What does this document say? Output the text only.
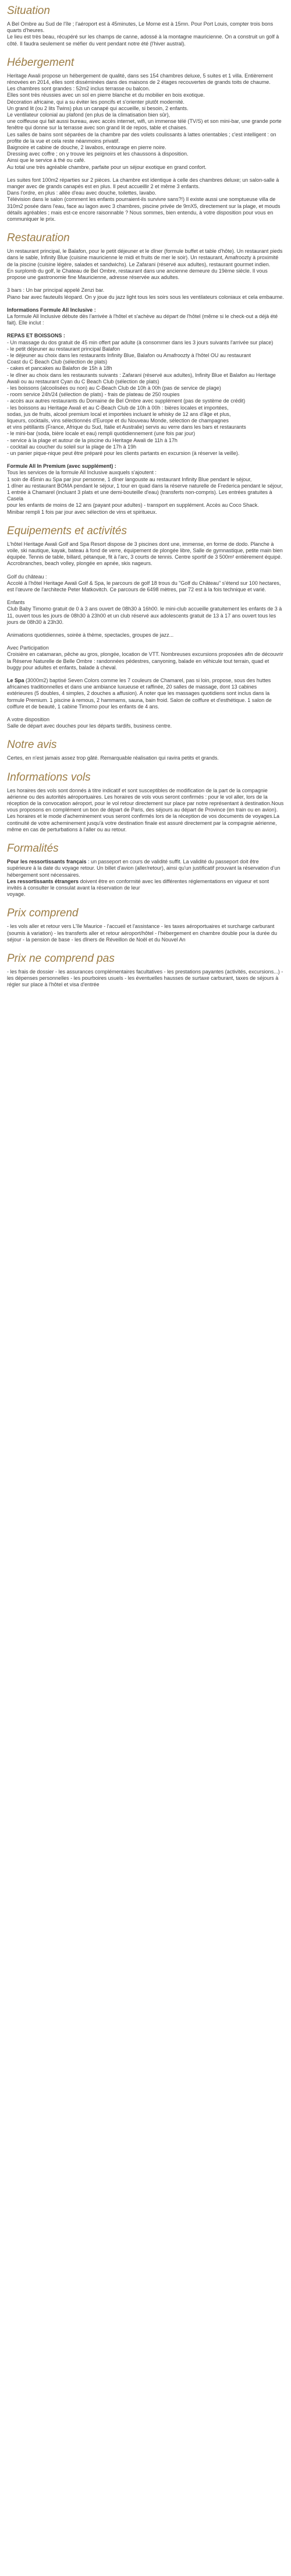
Situation

A Bel Ombre au Sud de l'île ; l'aéroport est à 45minutes, Le Morne est à 15mn. Pour Port Louis, compter trois bons quarts d'heures.

Le lieu est très beau, récupéré sur les champs de canne, adossé à la montagne mauricienne. On a construit un golf à côté. Il faudra seulement se méfier du vent pendant notre été (l'hiver austral).

Hébergement

Heritage Awali propose un hébergement de qualité, dans ses 154 chambres deluxe, 5 suites et 1 villa. Entièrement rénovées en 2014, elles sont disséminées dans des maisons de 2 étages recouvertes de grands toits de chaume.

Les chambres sont grandes : 52m2 inclus terrasse ou balcon.

Elles sont très réussies avec un sol en pierre blanche et du mobilier en bois exotique.

Décoration africaine, qui a su éviter les poncifs et s'orienter plutôt modernité.

Un grand lit (ou 2 lits Twins) plus un canapé qui accueille, si besoin, 2 enfants.

Le ventilateur colonial au plafond (en plus de la climatisation bien sûr),

une coiffeuse qui fait aussi bureau, avec accès internet, wifi, un immense télé (TV/S) et son mini-bar, une grande porte fenêtre qui donne sur la terrasse avec son grand lit de repos, table et chaises.

Les salles de bains sont séparées de la chambre par des volets coulissants à lattes orientables ; c'est intelligent : on profite de la vue et cela reste néanmoins privatif.

Baignoire et cabine de douche, 2 lavabos, entourage en pierre noire.

Dressing avec coffre ; on y trouve les peignoirs et les chaussons à disposition.

Ainsi que le service à thé ou café.

Au total une très agréable chambre, parfaite pour un séjour exotique en grand confort.

Les suites font 100m2 réparties sur 2 pièces. La chambre est identique à celle des chambres deluxe; un salon-salle à manger avec de grands canapés est en plus. Il peut accueillir 2 et même 3 enfants.

Dans l'ordre, en plus : allée d'eau avec douche, toilettes, lavabo.

Télévision dans le salon (comment les enfants pourraient-ils survivre sans?!) Il existe aussi une somptueuse villa de 310m2 posée dans l'eau, face au lagon avec 3 chambres, piscine privée de 9mX5, directement sur la plage, et mouds détails agréables ; mais est-ce encore raisonnable ? Nous sommes, bien entendu, à votre disposition pour vous en communiquer le prix.

Restauration

Un restaurant principal, le Balafon, pour le petit déjeuner et le dîner (formule buffet et table d'hôte). Un restaurant pieds dans le sable, Infinity Blue (cuisine mauricienne le midi et fruits de mer le soir). Un restaurant, Amafroozty à proximité de la piscine (cuisine légère, salades et sandwichs). Le Zafarani (réservé aux adultes), restaurant gourmet indien.

En surplomb du golf, le Chateau de Bel Ombre, restaurant dans une ancienne demeure du 19ème siècle. Il vous propose une gastronomie fine Mauricienne, adresse réservée aux adultes.

3 bars : Un bar principal appelé Zenzi bar.

Piano bar avec fauteuils léopard. On y joue du jazz light tous les soirs sous les ventilateurs coloniaux et cela embaume.

Informations Formule All Inclusive :

La formule All Inclusive débute dès l'arrivée à l'hôtel et s'achève au départ de l'hôtel (même si le check-out a déjà été fait). Elle inclut :

REPAS ET BOISSONS :

- Un massage du dos gratuit de 45 min offert par adulte (à consommer dans les 3 jours suivants l'arrivée sur place)

- le petit déjeuner au restaurant principal Balafon

- le déjeuner au choix dans les restaurants Infinity Blue, Balafon ou Amafroozty à l'hôtel OU au restaurant

Coast du C Beach Club (sélection de plats)

- cakes et pancakes au Balafon de 15h à 18h

- le dîner au choix dans les restaurants suivants : Zafarani (réservé aux adultes), Infinity Blue et Balafon au Heritage

Awali ou au restaurant Cyan du C Beach Club (sélection de plats)

- les boissons (alcoolisées ou non) au C-Beach Club de 10h à 00h (pas de service de plage)

- room service 24h/24 (sélection de plats) - frais de plateau de 250 roupies

- accès aux autres restaurants du Domaine de Bel Ombre avec supplément (pas de système de crédit)

- les boissons au Heritage Awali et au C-Beach Club de 10h à 00h : bières locales et importées,

sodas, jus de fruits, alcool premium local et importées incluant le whisky de 12 ans d'âge et plus,

liqueurs, cocktails, vins sélectionnés d'Europe et du Nouveau Monde, sélection de champagnes

et vins pétillants (France, Afrique du Sud, Italie et Australie) servis au verre dans les bars et restaurants

- le mini-bar (soda, bière locale et eau) rempli quotidiennement (une fois par jour)

- service à la plage et autour de la piscine du Heritage Awali de 11h à 17h

- cocktail au coucher du soleil sur la plage de 17h à 19h

- un panier pique-nique peut être préparé pour les clients partants en excursion (à réserver la veille).

Formule All In Premium (avec supplément) :

Tous les services de la formule All Inclusive auxquels s'ajoutent :

1 soin de 45min au Spa par jour personne, 1 dîner langouste au restaurant Infinity Blue pendant le séjour,

1 dîner au restaurant BOMA pendant le séjour, 1 tour en quad dans la réserve naturelle de Frederica pendant le séjour,

1 entrée à Chamarel (incluant 3 plats et une demi-bouteille d'eau) (transferts non-compris). Les entrées gratuites à Casela

pour les enfants de moins de 12 ans (payant pour adultes) - transport en supplément. Accès au Coco Shack.

Minibar rempli 1 fois par jour avec sélection de vins et spiritueux.

Equipements et activités

L'hôtel Heritage Awali Golf and Spa Resort dispose de 3 piscines dont une, immense, en forme de dodo. Planche à voile, ski nautique, kayak, bateau à fond de verre, équipement de plongée libre, Salle de gymnastique, petite main bien équipée. Tennis de table, billard, pétanque, fit à l'arc, 3 courts de tennis. Centre sportif de 3 500m² entièrement équipé. Accrobranches, beach volley, plongée en apnée, skis nageurs.

Golf du château :

Accolé à l'hôtel Heritage Awali Golf & Spa, le parcours de golf 18 trous du "Golf du Château" s'étend sur 100 hectares, est l'œuvre de l'architecte Peter Matkovitch. Ce parcours de 6498 mètres, par 72 est à la fois technique et varié.

Enfants

Club Baby Timomo gratuit de 0 à 3 ans ouvert de 08h30 à 16h00. le mini-club accueille gratuitement les enfants de 3 à 11, ouvert tous les jours de 08h30 à 23h00 et un club réservé aux adolescents gratuit de 13 à 17 ans ouvert tous les jours de 08h30 à 23h30.

Animations quotidiennes, soirée à thème, spectacles, groupes de jazz...

Avec Participation

Croisière en catamaran, pêche au gros, plongée, location de VTT. Nombreuses excursions proposées afin de découvrir la Réserve Naturelle de Belle Ombre : randonnées pédestres, canyoning, balade en véhicule tout terrain, quad et buggy pour adultes et enfants, balade à cheval.

Le Spa (3000m2) baptisé Seven Colors comme les 7 couleurs de Chamarel, pas si loin, propose, sous des huttes africaines traditionnelles et dans une ambiance luxueuse et raffinée, 20 salles de massage, dont 13 cabines extérieures (5 doubles, 4 simples, 2 douches a affusion). A noter que les massages quotidiens sont inclus dans la formule Premium. 1 piscine à remous, 2 hammams, sauna, bain froid. Salon de coiffure et d'esthétique. 1 salon de coiffure et de beauté, 1 cabine Timomo pour les enfants de 4 ans.

A votre disposition

Salle de départ avec douches pour les départs tardifs, business centre.

Notre avis

Certes, en n'est jamais assez trop gâté. Remarquable réalisation qui ravira petits et grands.

Informations vols

Les horaires des vols sont donnés à titre indicatif et sont susceptibles de modification de la part de la compagnie aérienne ou des autorités aéroportuaires. Les horaires de vols vous seront confirmés : pour le vol aller, lors de la réception de la convocation aéroport, pour le vol retour directement sur place par notre représentant à destination.Nous vous proposons en complément un bon de départ de Paris, des séjours au départ de Province (en train ou en avion). Les horaires et le mode d'acheminement vous seront confirmés lors de la réception de vos documents de voyages.La continuité de votre acheminement jusqu'à votre destination finale est assuré directement par la compagnie aérienne, même en cas de perturbations à l'aller ou au retour.

Formalités

Pour les ressortissants français : un passeport en cours de validité suffit. La validité du passeport doit être supérieure à la date du voyage retour. Un billet d'avion (aller/retour), ainsi qu'un justificatif prouvant la réservation d'un hébergement sont nécessaires.

Les ressortissants étrangers doivent être en conformité avec les différentes réglementations en vigueur et sont invités à consulter le consulat avant la réservation de leur

voyage.

Prix comprend

- les vols aller et retour vers L'île Maurice - l'accueil et l'assistance - les taxes aéroportuaires et surcharge carburant (soumis à variation) - les transferts aller et retour aéroport/hôtel - l'hébergement en chambre double pour la durée du séjour - la pension de base - les dîners de Réveillon de Noël et du Nouvel An

Prix ne comprend pas

- les frais de dossier - les assurances complémentaires facultatives - les prestations payantes (activités, excursions...) - les dépenses personnelles - les pourboires usuels - les éventuelles hausses de surtaxe carburant, taxes de séjours à régler sur place à l'hôtel et visa d'entrée
